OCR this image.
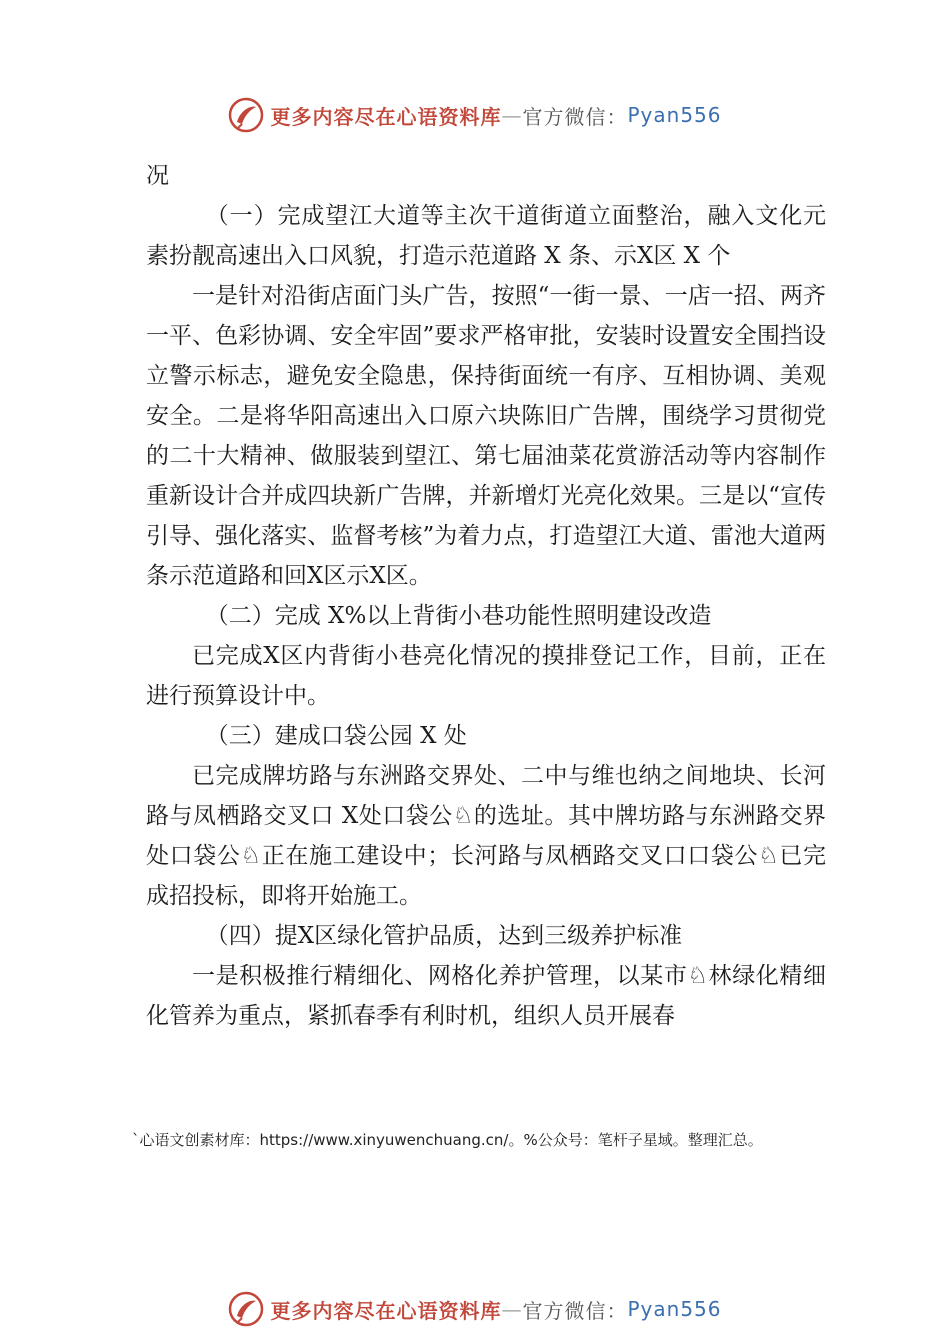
更多内容尽在心语资料库 — 官方微信： Pyan556

况

（一）完成望江大道等主次干道街道立面整治，融入文化元素扮靓高速出入口风貌，打造示范道路 X 条、示X区 X 个

一是针对沿街店面门头广告，按照“一街一景、一店一招、两齐一平、色彩协调、安全牢固”要求严格审批，安装时设置安全围挡设立警示标志，避免安全隐患，保持街面统一有序、互相协调、美观安全。二是将华阳高速出入口原六块陈旧广告牌，围绕学习贯彻党的二十大精神、做服装到望江、第七届油菜花赏游活动等内容制作重新设计合并成四块新广告牌，并新增灯光亮化效果。三是以“宣传引导、强化落实、监督考核”为着力点，打造望江大道、雷池大道两条示范道路和回X区示X区。

（二）完成 X%以上背街小巷功能性照明建设改造

已完成X区内背街小巷亮化情况的摸排登记工作，目前，正在进行预算设计中。

（三）建成口袋公园 X 处

已完成牌坊路与东洲路交界处、二中与维也纳之间地块、长河路与凤栖路交叉口 X处口袋公♘的选址。其中牌坊路与东洲路交界处口袋公♘正在施工建设中；长河路与凤栖路交叉口口袋公♘已完成招投标，即将开始施工。

（四）提X区绿化管护品质，达到三级养护标准

一是积极推行精细化、网格化养护管理，以某市♘林绿化精细化管养为重点，紧抓春季有利时机，组织人员开展春

`心语文创素材库：https://www.xinyuwenchuang.cn/。%公众号：笔杆子星域。整理汇总。
更多内容尽在心语资料库 — 官方微信： Pyan556
